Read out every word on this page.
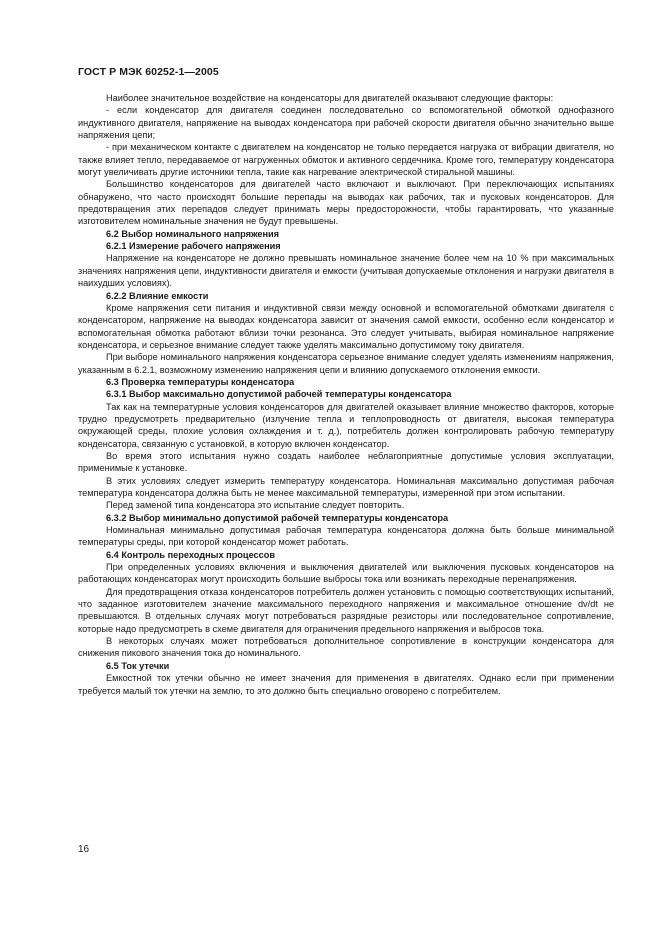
ГОСТ Р МЭК 60252-1—2005

Наиболее значительное воздействие на конденсаторы для двигателей оказывают следующие факторы:

- если конденсатор для двигателя соединен последовательно со вспомогательной обмоткой однофазного индуктивного двигателя, напряжение на выводах конденсатора при рабочей скорости двигателя обычно значительно выше напряжения цепи;

- при механическом контакте с двигателем на конденсатор не только передается нагрузка от вибрации двигателя, но также влияет тепло, передаваемое от нагруженных обмоток и активного сердечника. Кроме того, температуру конденсатора могут увеличивать другие источники тепла, такие как нагревание электрической стиральной машины.

Большинство конденсаторов для двигателей часто включают и выключают. При переключающих испытаниях обнаружено, что часто происходят большие перепады на выводах как рабочих, так и пусковых конденсаторов. Для предотвращения этих перепадов следует принимать меры предосторожности, чтобы гарантировать, что указанные изготовителем номинальные значения не будут превышены.

6.2 Выбор номинального напряжения

6.2.1 Измерение рабочего напряжения

Напряжение на конденсаторе не должно превышать номинальное значение более чем на 10 % при максимальных значениях напряжения цепи, индуктивности двигателя и емкости (учитывая допускаемые отклонения и нагрузки двигателя в наихудших условиях).

6.2.2 Влияние емкости

Кроме напряжения сети питания и индуктивной связи между основной и вспомогательной обмотками двигателя с конденсатором, напряжение на выводах конденсатора зависит от значения самой емкости, особенно если конденсатор и вспомогательная обмотка работают вблизи точки резонанса. Это следует учитывать, выбирая номинальное напряжение конденсатора, и серьезное внимание следует также уделять максимально допустимому току двигателя.

При выборе номинального напряжения конденсатора серьезное внимание следует уделять изменениям напряжения, указанным в 6.2.1, возможному изменению напряжения цепи и влиянию допускаемого отклонения емкости.

6.3 Проверка температуры конденсатора

6.3.1 Выбор максимально допустимой рабочей температуры конденсатора

Так как на температурные условия конденсаторов для двигателей оказывает влияние множество факторов, которые трудно предусмотреть предварительно (излучение тепла и теплопроводность от двигателя, высокая температура окружающей среды, плохие условия охлаждения и т. д.), потребитель должен контролировать рабочую температуру конденсатора, связанную с установкой, в которую включен конденсатор.

Во время этого испытания нужно создать наиболее неблагоприятные допустимые условия эксплуатации, применимые к установке.

В этих условиях следует измерить температуру конденсатора. Номинальная максимально допустимая рабочая температура конденсатора должна быть не менее максимальной температуры, измеренной при этом испытании.

Перед заменой типа конденсатора это испытание следует повторить.

6.3.2 Выбор минимально допустимой рабочей температуры конденсатора

Номинальная минимально допустимая рабочая температура конденсатора должна быть больше минимальной температуры среды, при которой конденсатор может работать.

6.4 Контроль переходных процессов

При определенных условиях включения и выключения двигателей или выключения пусковых конденсаторов на работающих конденсаторах могут происходить большие выбросы тока или возникать переходные перенапряжения.

Для предотвращения отказа конденсаторов потребитель должен установить с помощью соответствующих испытаний, что заданное изготовителем значение максимального переходного напряжения и максимальное отношение dv/dt не превышаются. В отдельных случаях могут потребоваться разрядные резисторы или последовательное сопротивление, которые надо предусмотреть в схеме двигателя для ограничения предельного напряжения и выбросов тока.

В некоторых случаях может потребоваться дополнительное сопротивление в конструкции конденсатора для снижения пикового значения тока до номинального.

6.5 Ток утечки

Емкостной ток утечки обычно не имеет значения для применения в двигателях. Однако если при применении требуется малый ток утечки на землю, то это должно быть специально оговорено с потребителем.

16
